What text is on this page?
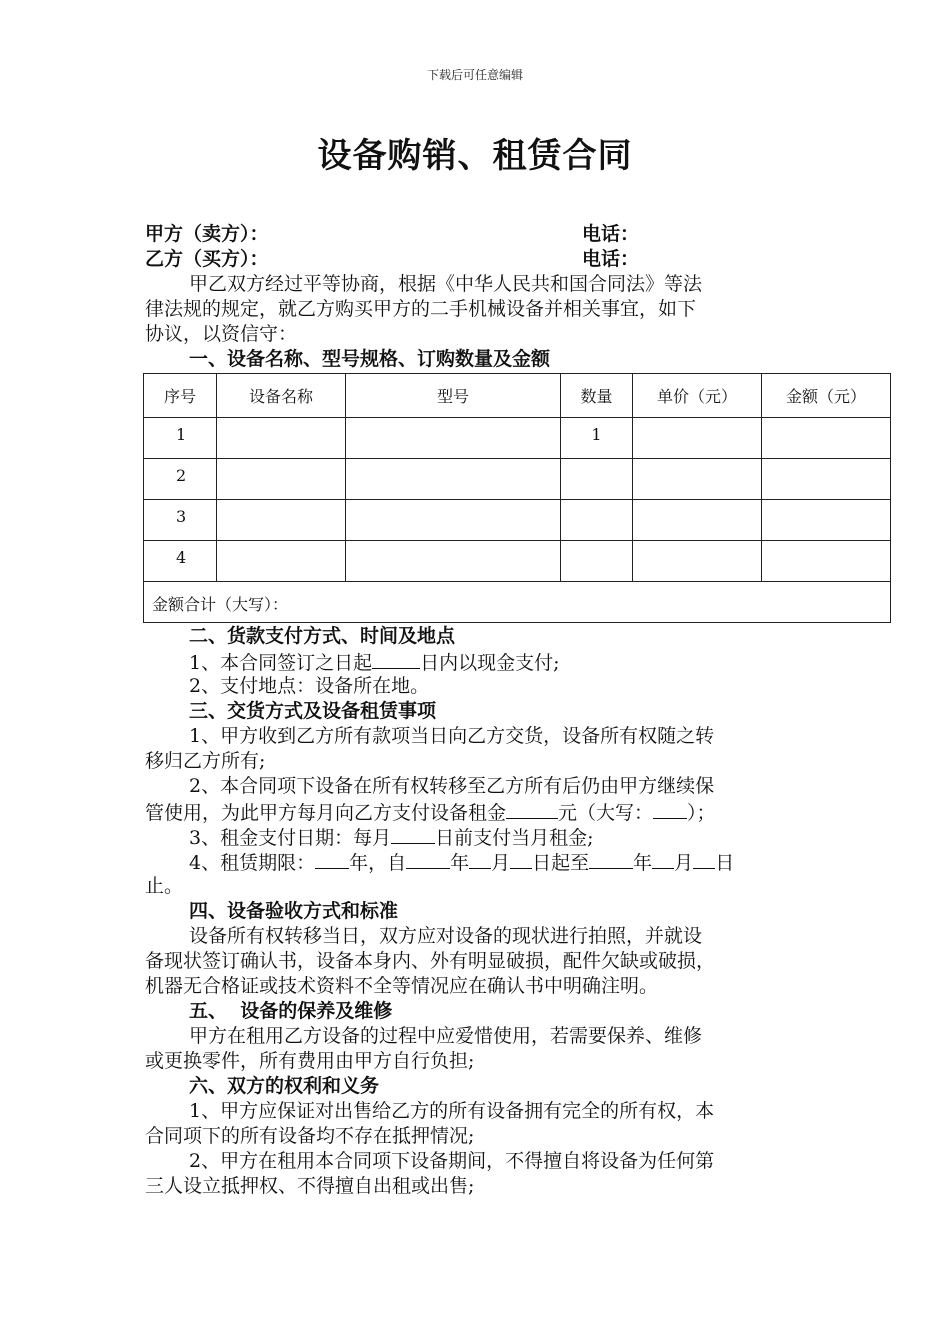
下载后可任意编辑
设备购销、租赁合同
甲方（卖方）：	电话：
乙方（买方）：	电话：
甲乙双方经过平等协商，根据《中华人民共和国合同法》等法
律法规的规定，就乙方购买甲方的二手机械设备并相关事宜，如下
协议，以资信守：
一、设备名称、型号规格、订购数量及金额
序号	设备名称	型号	数量	单价（元）	金额（元）
1			1		
2					
3					
4					
金额合计（大写）：					
二、货款支付方式、时间及地点
1、本合同签订之日起	日内以现金支付;
2、支付地点：设备所在地。
三、交货方式及设备租赁事项
1、甲方收到乙方所有款项当日向乙方交货，设备所有权随之转
移归乙方所有;
2、本合同项下设备在所有权转移至乙方所有后仍由甲方继续保
管使用，为此甲方每月向乙方支付设备租金	元（大写： ）；
3、租金支付日期：每月 日前支付当月租金;
4、租赁期限： 年，自 年 月 日起至 年 月 日
止。
四、设备验收方式和标准
设备所有权转移当日，双方应对设备的现状进行拍照，并就设
备现状签订确认书，设备本身内、外有明显破损，配件欠缺或破损，
机器无合格证或技术资料不全等情况应在确认书中明确注明。
五、  设备的保养及维修
甲方在租用乙方设备的过程中应爱惜使用，若需要保养、维修
或更换零件，所有费用由甲方自行负担;
六、双方的权利和义务
1、甲方应保证对出售给乙方的所有设备拥有完全的所有权，本
合同项下的所有设备均不存在抵押情况;
2、甲方在租用本合同项下设备期间，不得擅自将设备为任何第
三人设立抵押权、不得擅自出租或出售;
